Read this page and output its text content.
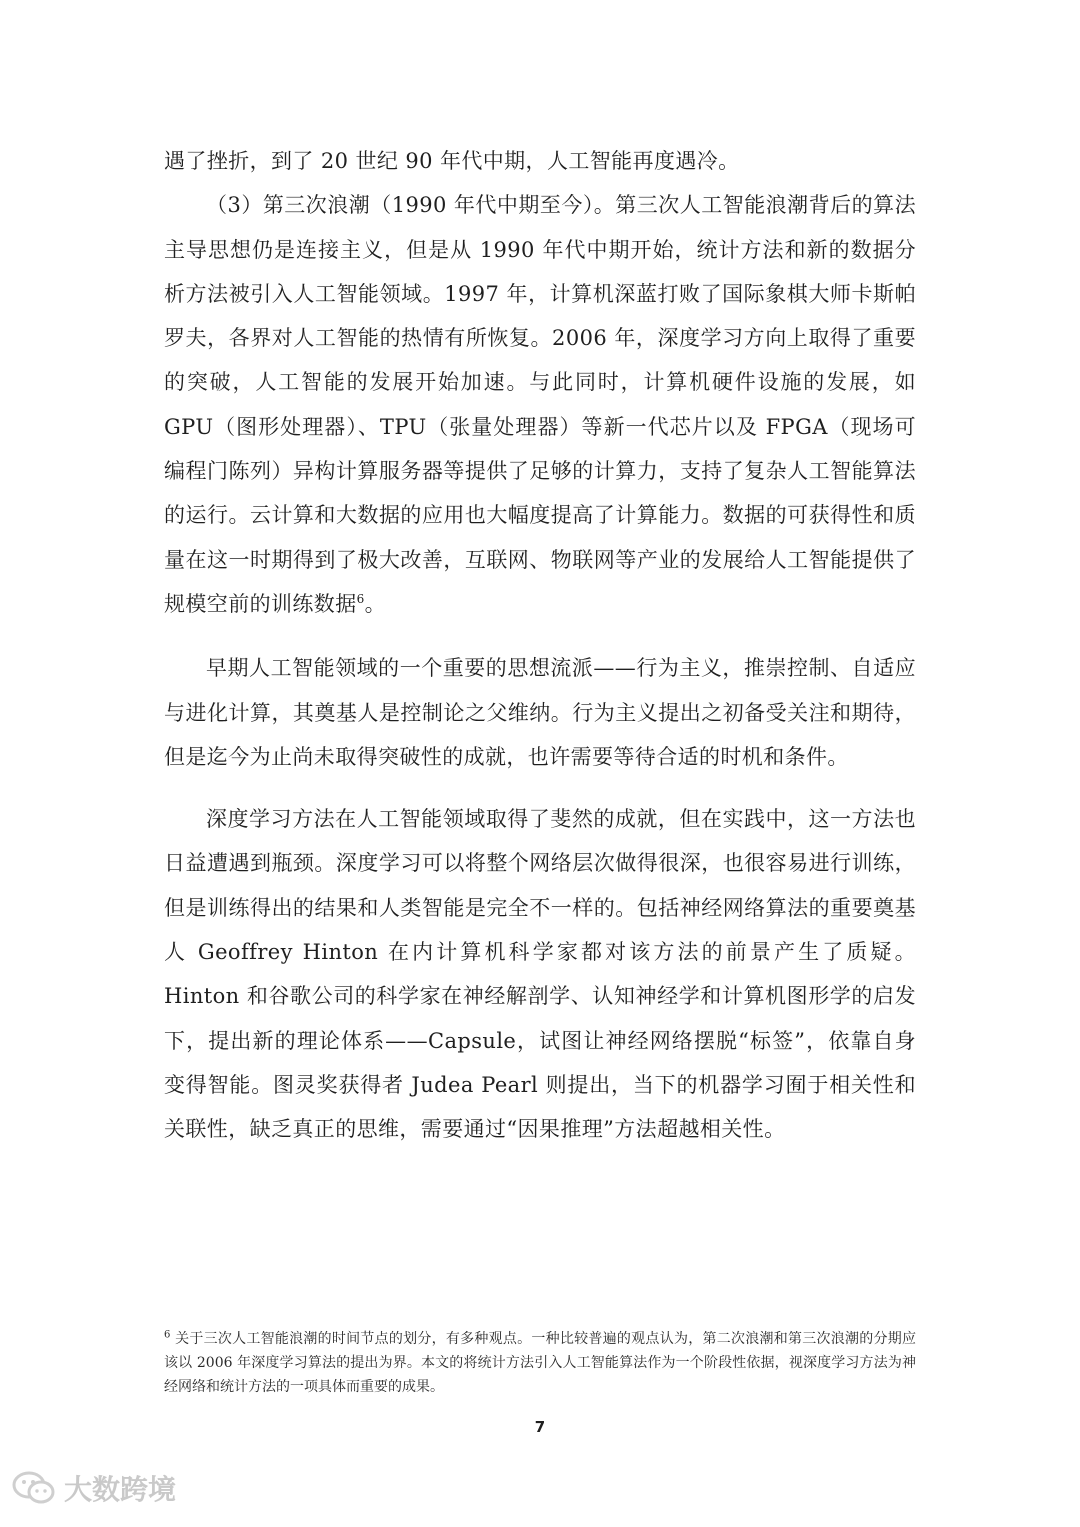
遇了挫折，到了 20 世纪 90 年代中期，人工智能再度遇冷。

（3）第三次浪潮（1990 年代中期至今）。第三次人工智能浪潮背后的算法主导思想仍是连接主义，但是从 1990 年代中期开始，统计方法和新的数据分析方法被引入人工智能领域。1997 年，计算机深蓝打败了国际象棋大师卡斯帕罗夫，各界对人工智能的热情有所恢复。2006 年，深度学习方向上取得了重要的突破，人工智能的发展开始加速。与此同时，计算机硬件设施的发展，如 GPU（图形处理器）、TPU（张量处理器）等新一代芯片以及 FPGA（现场可编程门陈列）异构计算服务器等提供了足够的计算力，支持了复杂人工智能算法的运行。云计算和大数据的应用也大幅度提高了计算能力。数据的可获得性和质量在这一时期得到了极大改善，互联网、物联网等产业的发展给人工智能提供了规模空前的训练数据$^6$。

早期人工智能领域的一个重要的思想流派——行为主义，推崇控制、自适应与进化计算，其奠基人是控制论之父维纳。行为主义提出之初备受关注和期待，但是迄今为止尚未取得突破性的成就，也许需要等待合适的时机和条件。

深度学习方法在人工智能领域取得了斐然的成就，但在实践中，这一方法也日益遭遇到瓶颈。深度学习可以将整个网络层次做得很深，也很容易进行训练，但是训练得出的结果和人类智能是完全不一样的。包括神经网络算法的重要奠基人 Geoffrey Hinton 在内计算机科学家都对该方法的前景产生了质疑。Hinton 和谷歌公司的科学家在神经解剖学、认知神经学和计算机图形学的启发下，提出新的理论体系——Capsule，试图让神经网络摆脱“标签”，依靠自身变得智能。图灵奖获得者 Judea Pearl 则提出，当下的机器学习囿于相关性和关联性，缺乏真正的思维，需要通过“因果推理”方法超越相关性。

$^6$ 关于三次人工智能浪潮的时间节点的划分，有多种观点。一种比较普遍的观点认为，第二次浪潮和第三次浪潮的分期应该以 2006 年深度学习算法的提出为界。本文的将统计方法引入人工智能算法作为一个阶段性依据，视深度学习方法为神经网络和统计方法的一项具体而重要的成果。
7
大数跨境
